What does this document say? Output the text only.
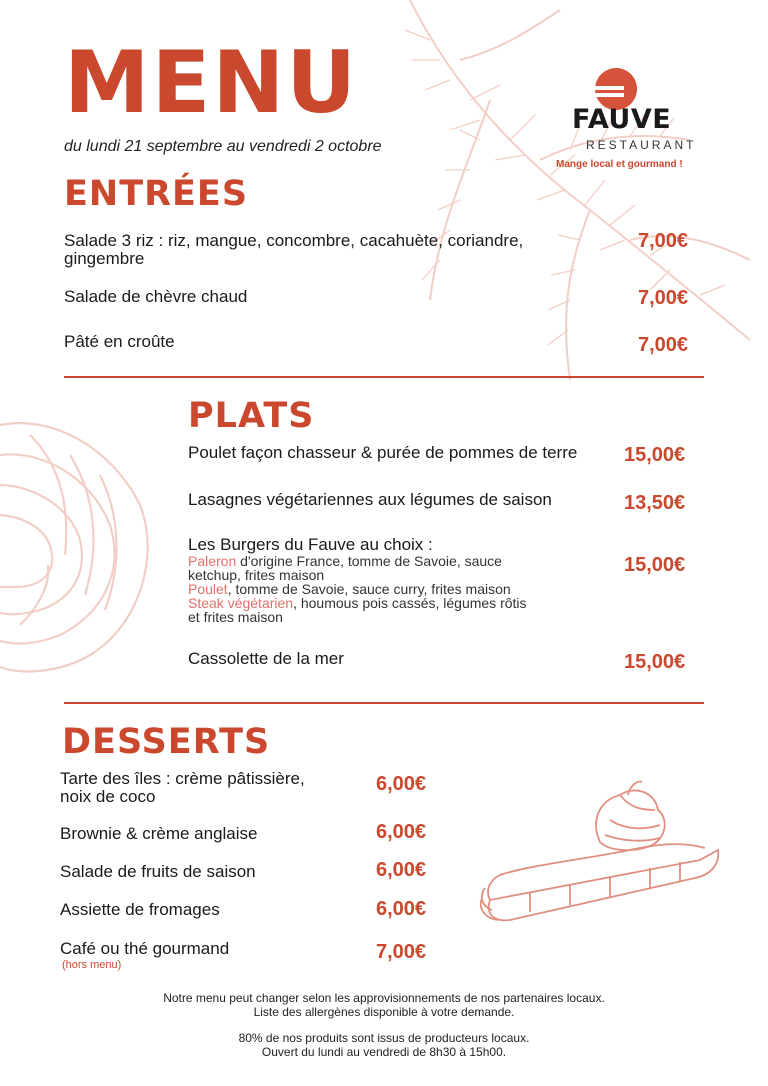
MENU
du lundi 21 septembre au vendredi 2 octobre
FAUVE
RESTAURANT
Mange local et gourmand !
ENTRÉES
Salade 3 riz : riz, mangue, concombre, cacahuète, coriandre,
gingembre
7,00€
Salade de chèvre chaud	7,00€
Pâté en croûte	7,00€
PLATS
Poulet façon chasseur & purée de pommes de terre 15,00€
Lasagnes végétariennes aux légumes de saison	13,50€
Les Burgers du Fauve au choix :
Paleron d'origine France, tomme de Savoie, sauce
ketchup, frites maison
Poulet, tomme de Savoie, sauce curry, frites maison
Steak végétarien, houmous pois cassés, légumes rôtis
et frites maison
15,00€
Cassolette de la mer	15,00€
DESSERTS
Tarte des îles : crème pâtissière,
noix de coco
6,00€
Brownie & crème anglaise	6,00€
Salade de fruits de saison	6,00€
Assiette de fromages	6,00€
Café ou thé gourmand
(hors menu)
7,00€
Notre menu peut changer selon les approvisionnements de nos partenaires locaux.
Liste des allergènes disponible à votre demande.
80% de nos produits sont issus de producteurs locaux.
Ouvert du lundi au vendredi de 8h30 à 15h00.
